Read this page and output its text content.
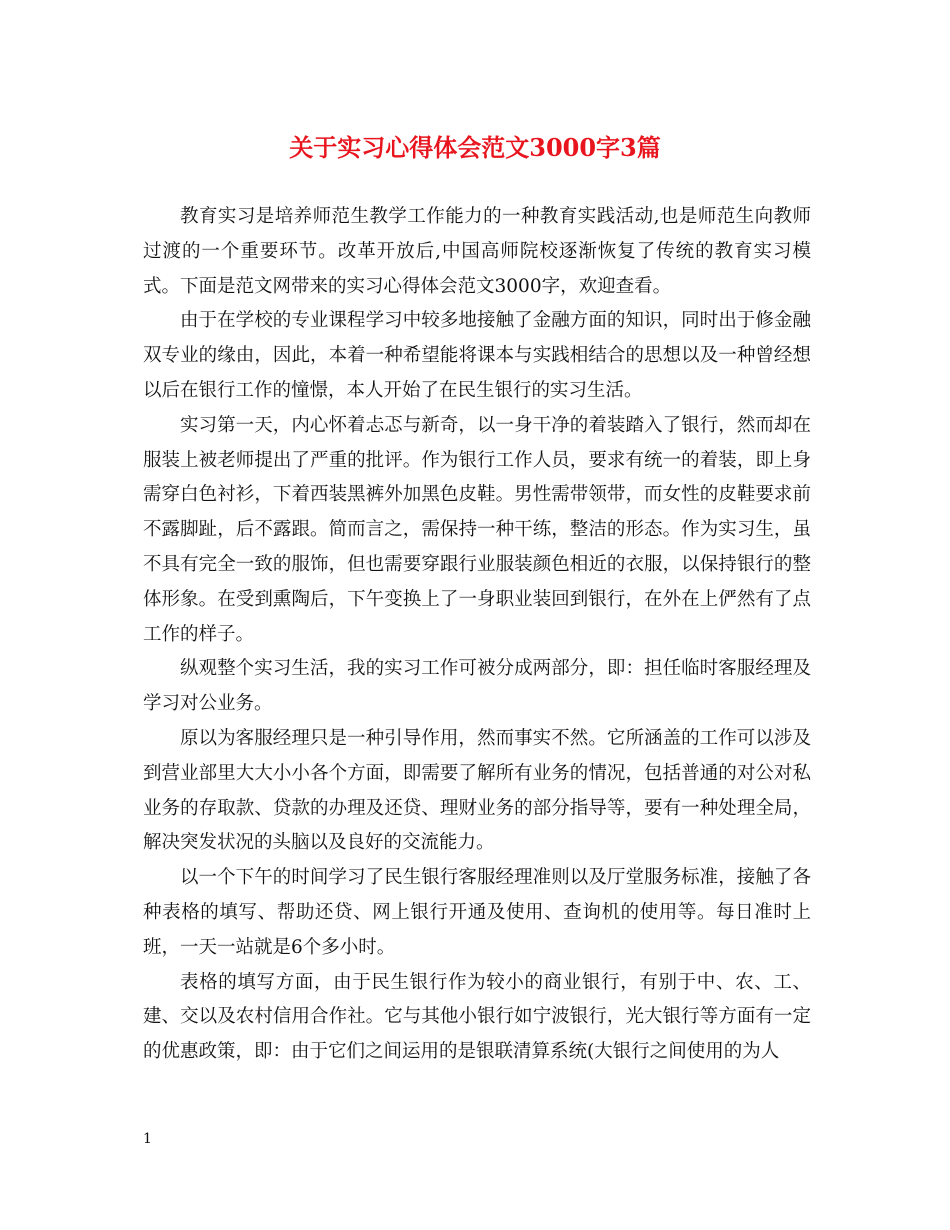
关于实习心得体会范文3000字3篇

教育实习是培养师范生教学工作能力的一种教育实践活动,也是师范生向教师过渡的一个重要环节。改革开放后,中国高师院校逐渐恢复了传统的教育实习模式。下面是范文网带来的实习心得体会范文3000字，欢迎查看。

由于在学校的专业课程学习中较多地接触了金融方面的知识，同时出于修金融双专业的缘由，因此，本着一种希望能将课本与实践相结合的思想以及一种曾经想以后在银行工作的憧憬，本人开始了在民生银行的实习生活。

实习第一天，内心怀着忐忑与新奇，以一身干净的着装踏入了银行，然而却在服装上被老师提出了严重的批评。作为银行工作人员，要求有统一的着装，即上身需穿白色衬衫，下着西装黑裤外加黑色皮鞋。男性需带领带，而女性的皮鞋要求前不露脚趾，后不露跟。简而言之，需保持一种干练，整洁的形态。作为实习生，虽不具有完全一致的服饰，但也需要穿跟行业服装颜色相近的衣服，以保持银行的整体形象。在受到熏陶后，下午变换上了一身职业装回到银行，在外在上俨然有了点工作的样子。

纵观整个实习生活，我的实习工作可被分成两部分，即：担任临时客服经理及学习对公业务。

原以为客服经理只是一种引导作用，然而事实不然。它所涵盖的工作可以涉及到营业部里大大小小各个方面，即需要了解所有业务的情况，包括普通的对公对私业务的存取款、贷款的办理及还贷、理财业务的部分指导等，要有一种处理全局，解决突发状况的头脑以及良好的交流能力。

以一个下午的时间学习了民生银行客服经理准则以及厅堂服务标准，接触了各种表格的填写、帮助还贷、网上银行开通及使用、查询机的使用等。每日准时上班，一天一站就是6个多小时。

表格的填写方面，由于民生银行作为较小的商业银行，有别于中、农、工、建、交以及农村信用合作社。它与其他小银行如宁波银行，光大银行等方面有一定的优惠政策，即：由于它们之间运用的是银联清算系统(大银行之间使用的为人

1
